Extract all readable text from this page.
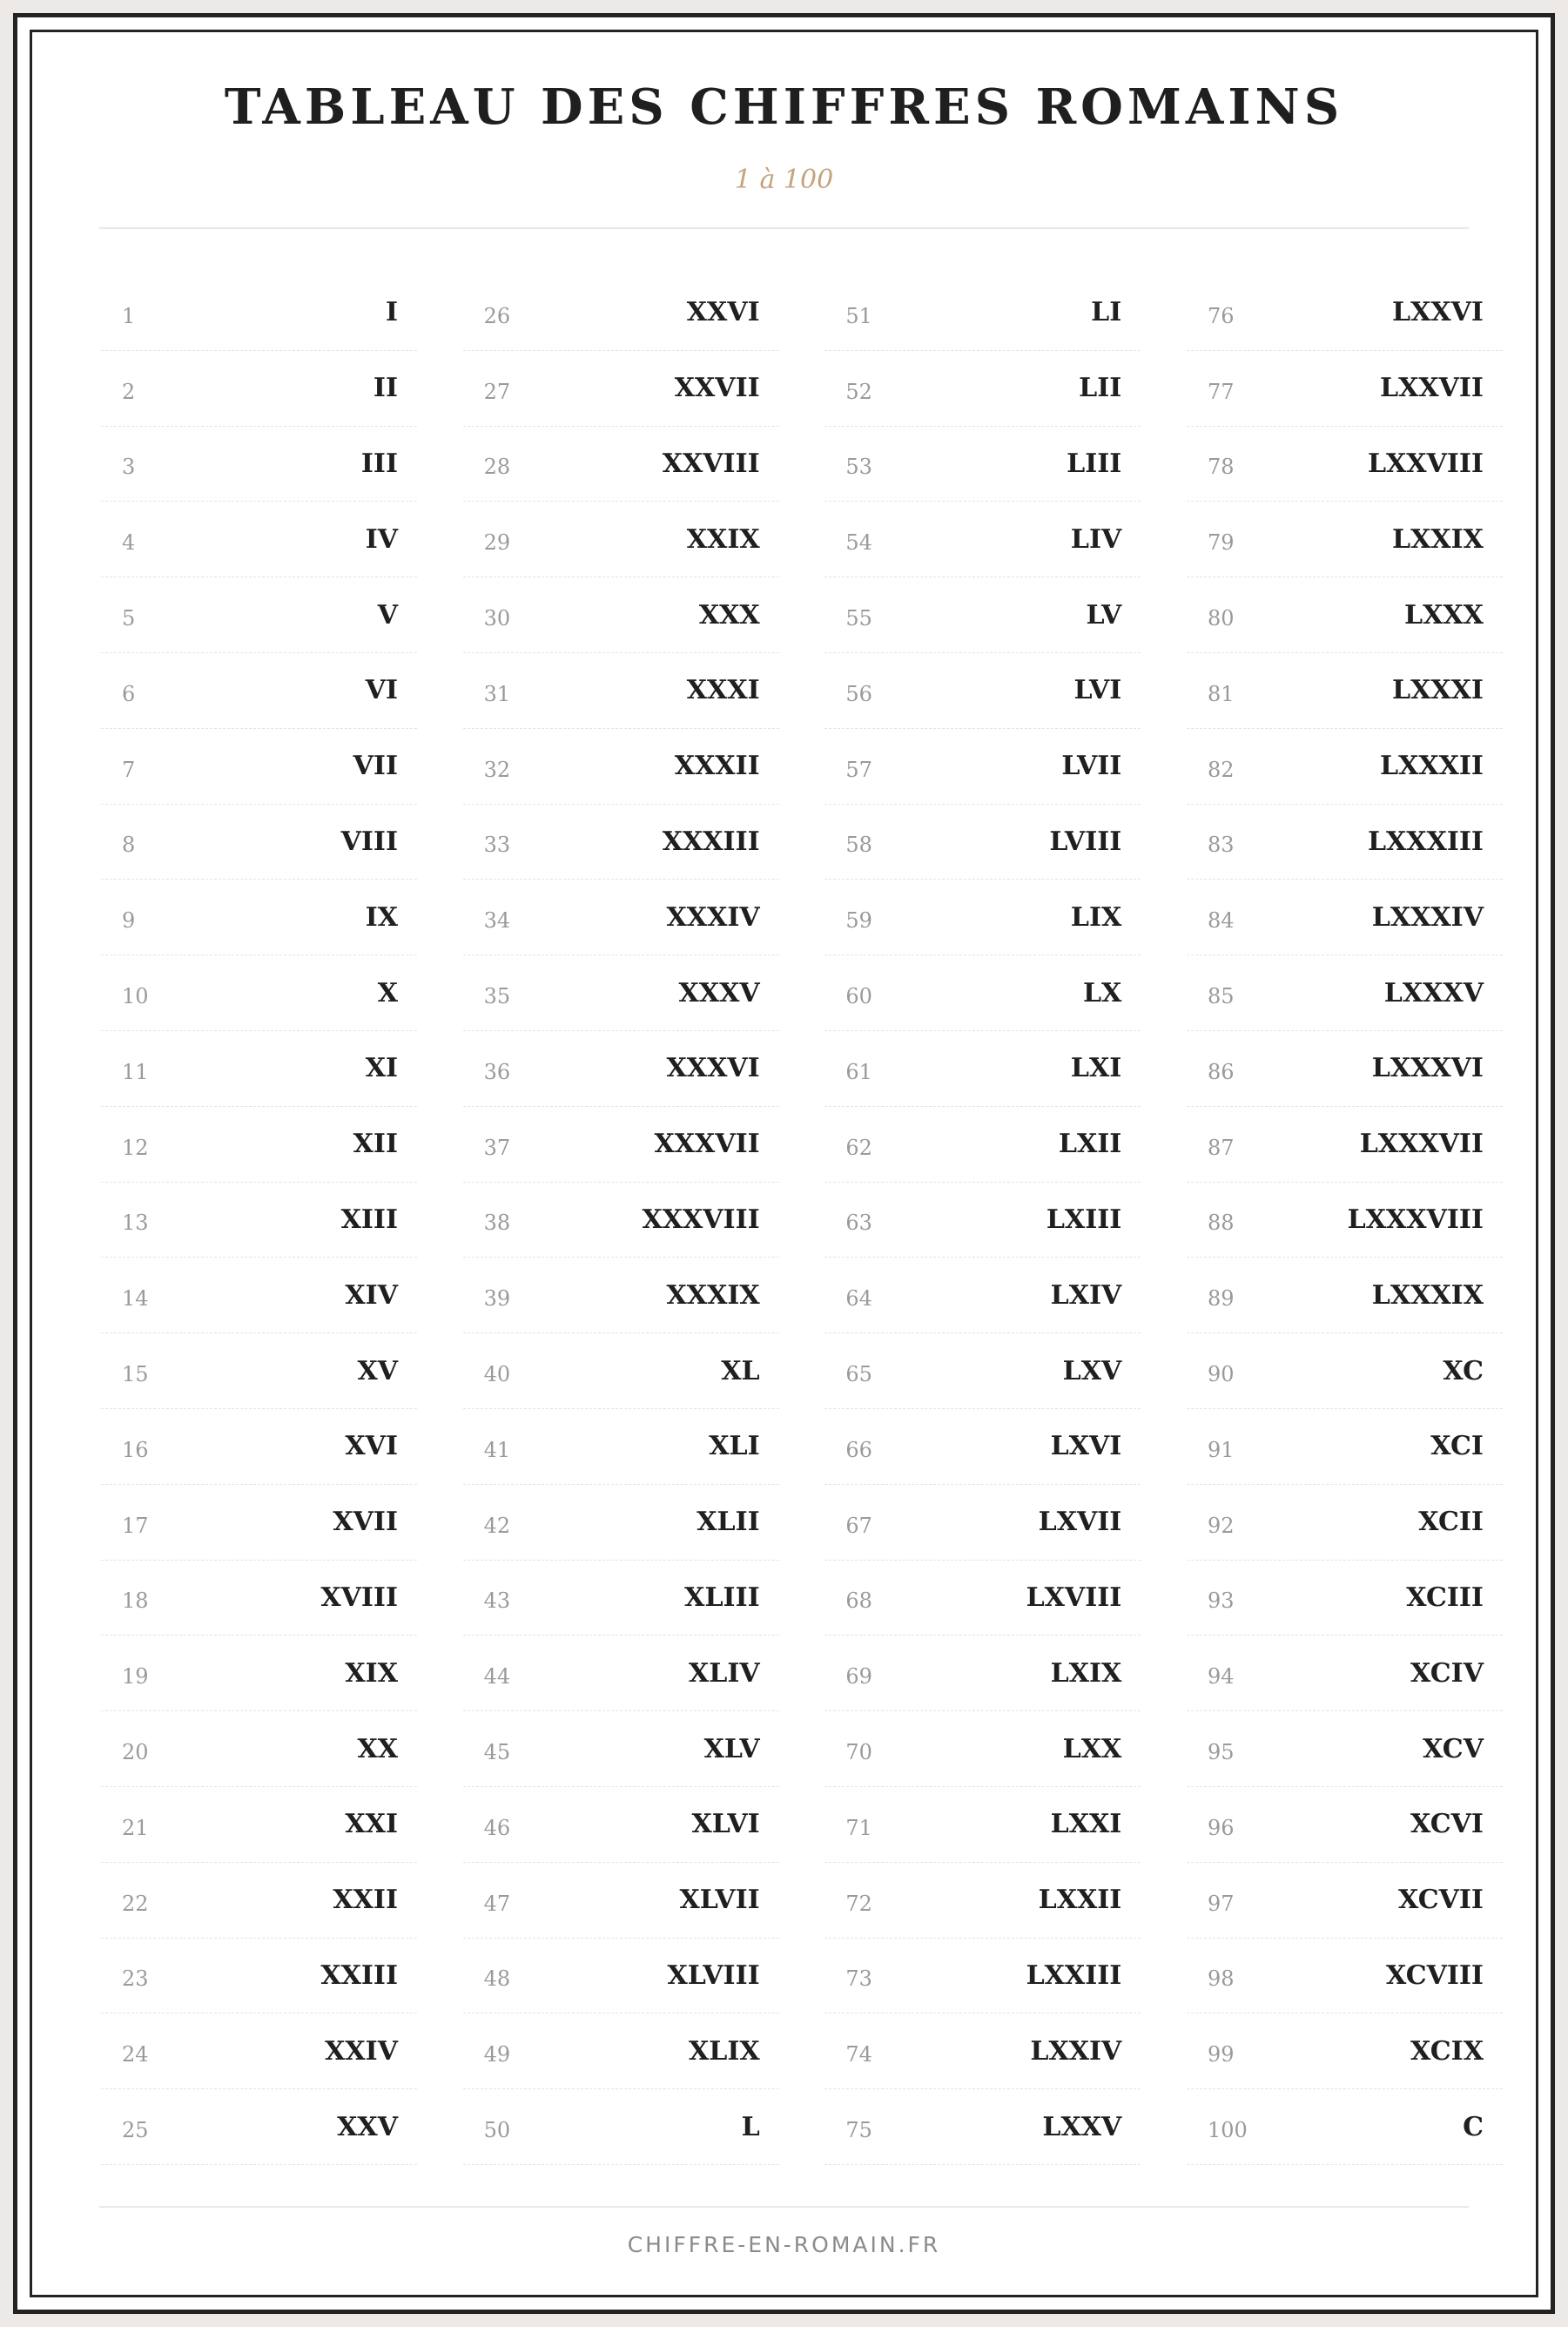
TABLEAU DES CHIFFRES ROMAINS
1 à 100
1	I
2	II
3	III
4	IV
5	V
6	VI
7	VII
8	VIII
9	IX
10	X
11	XI
12	XII
13	XIII
14	XIV
15	XV
16	XVI
17	XVII
18	XVIII
19	XIX
20	XX
21	XXI
22	XXII
23	XXIII
24	XXIV
25	XXV
26	XXVI
27	XXVII
28	XXVIII
29	XXIX
30	XXX
31	XXXI
32	XXXII
33	XXXIII
34	XXXIV
35	XXXV
36	XXXVI
37	XXXVII
38	XXXVIII
39	XXXIX
40	XL
41	XLI
42	XLII
43	XLIII
44	XLIV
45	XLV
46	XLVI
47	XLVII
48	XLVIII
49	XLIX
50	L
51	LI
52	LII
53	LIII
54	LIV
55	LV
56	LVI
57	LVII
58	LVIII
59	LIX
60	LX
61	LXI
62	LXII
63	LXIII
64	LXIV
65	LXV
66	LXVI
67	LXVII
68	LXVIII
69	LXIX
70	LXX
71	LXXI
72	LXXII
73	LXXIII
74	LXXIV
75	LXXV
76	LXXVI
77	LXXVII
78	LXXVIII
79	LXXIX
80	LXXX
81	LXXXI
82	LXXXII
83	LXXXIII
84	LXXXIV
85	LXXXV
86	LXXXVI
87	LXXXVII
88	LXXXVIII
89	LXXXIX
90	XC
91	XCI
92	XCII
93	XCIII
94	XCIV
95	XCV
96	XCVI
97	XCVII
98	XCVIII
99	XCIX
100	C
CHIFFRE-EN-ROMAIN.FR
